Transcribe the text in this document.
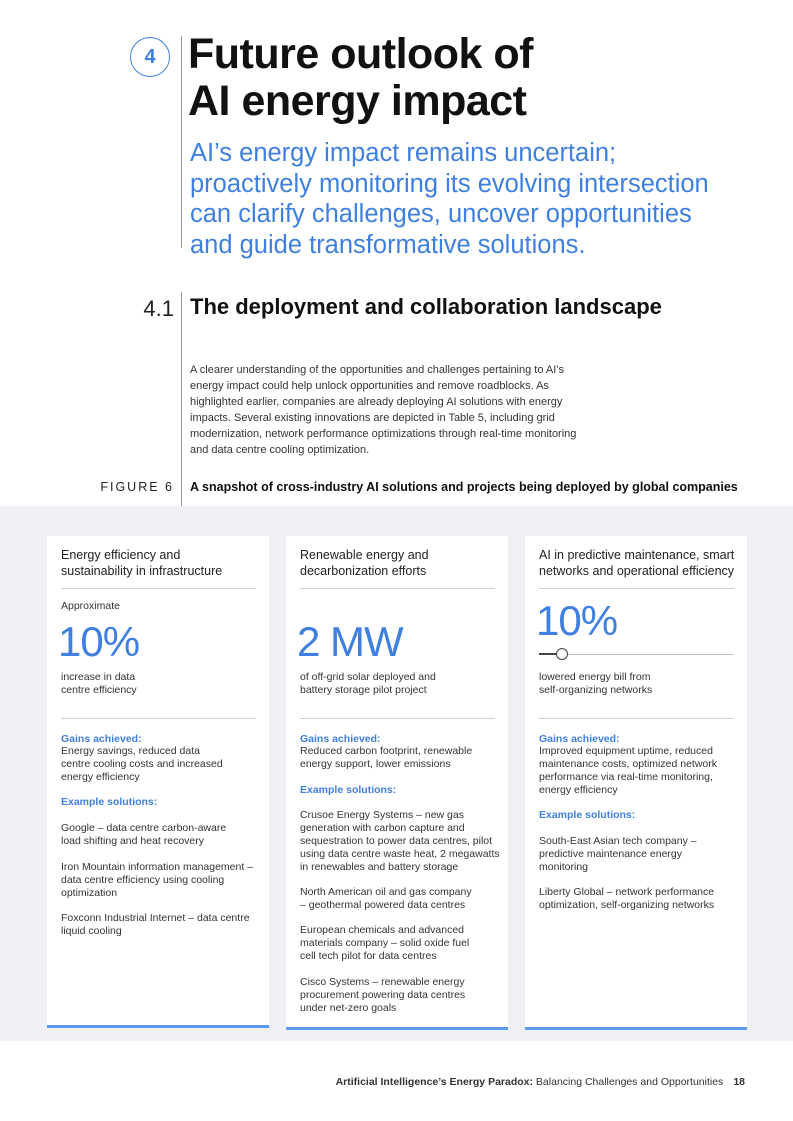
4 Future outlook of
AI energy impact
AI’s energy impact remains uncertain;
proactively monitoring its evolving intersection
can clarify challenges, uncover opportunities
and guide transformative solutions.
4.1 The deployment and collaboration landscape
A clearer understanding of the opportunities and challenges pertaining to AI’s
energy impact could help unlock opportunities and remove roadblocks. As
highlighted earlier, companies are already deploying AI solutions with energy
impacts. Several existing innovations are depicted in Table 5, including grid
modernization, network performance optimizations through real-time monitoring
and data centre cooling optimization.
FIGURE 6 A snapshot of cross-industry AI solutions and projects being deployed by global companies
Energy efficiency and
sustainability in infrastructure
Approximate
10%
increase in data
centre efficiency
Gains achieved:
Energy savings, reduced data
centre cooling costs and increased
energy efficiency
Example solutions:
Google – data centre carbon-aware
load shifting and heat recovery
Iron Mountain information management –
data centre efficiency using cooling
optimization
Foxconn Industrial Internet – data centre
liquid cooling
Renewable energy and
decarbonization efforts
2 MW
of off-grid solar deployed and
battery storage pilot project
Gains achieved:
Reduced carbon footprint, renewable
energy support, lower emissions
Example solutions:
Crusoe Energy Systems – new gas
generation with carbon capture and
sequestration to power data centres, pilot
using data centre waste heat, 2 megawatts
in renewables and battery storage
North American oil and gas company
– geothermal powered data centres
European chemicals and advanced
materials company – solid oxide fuel
cell tech pilot for data centres
Cisco Systems – renewable energy
procurement powering data centres
under net-zero goals
AI in predictive maintenance, smart
networks and operational efficiency
10%
lowered energy bill from
self-organizing networks
Gains achieved:
Improved equipment uptime, reduced
maintenance costs, optimized network
performance via real-time monitoring,
energy efficiency
Example solutions:
South-East Asian tech company –
predictive maintenance energy
monitoring
Liberty Global – network performance
optimization, self-organizing networks
Artificial Intelligence’s Energy Paradox: Balancing Challenges and Opportunities 18
